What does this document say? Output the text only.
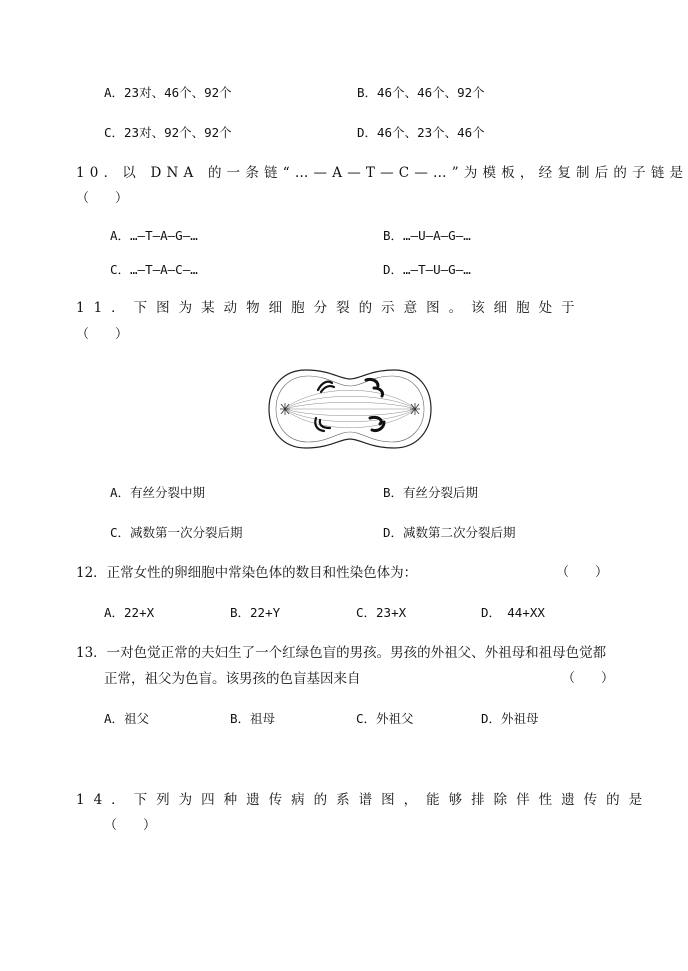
A．23对、46个、92个	B．46个、46个、92个
C．23对、92个、92个	D．46个、23个、46个
10．以 DNA 的一条链“…—A—T—C—…”为模板，经复制后的子链是
（　　）
A．…—T—A—G—…	B．…—U—A—G—…
C．…—T—A—C—…	D．…—T—U—G—…
11．下图为某动物细胞分裂的示意图。该细胞处于
（　　）
A．有丝分裂中期	B．有丝分裂后期
C．减数第一次分裂后期	D．减数第二次分裂后期
12．正常女性的卵细胞中常染色体的数目和性染色体为：	（　　）
A．22+X	B．22+Y	C．23+X	D．　44+XX
13．一对色觉正常的夫妇生了一个红绿色盲的男孩。男孩的外祖父、外祖母和祖母色觉都
正常，祖父为色盲。该男孩的色盲基因来自	（　　）
A．祖父	B．祖母	C．外祖父	D．外祖母
14．下列为四种遗传病的系谱图，能够排除伴性遗传的是
（　　）
